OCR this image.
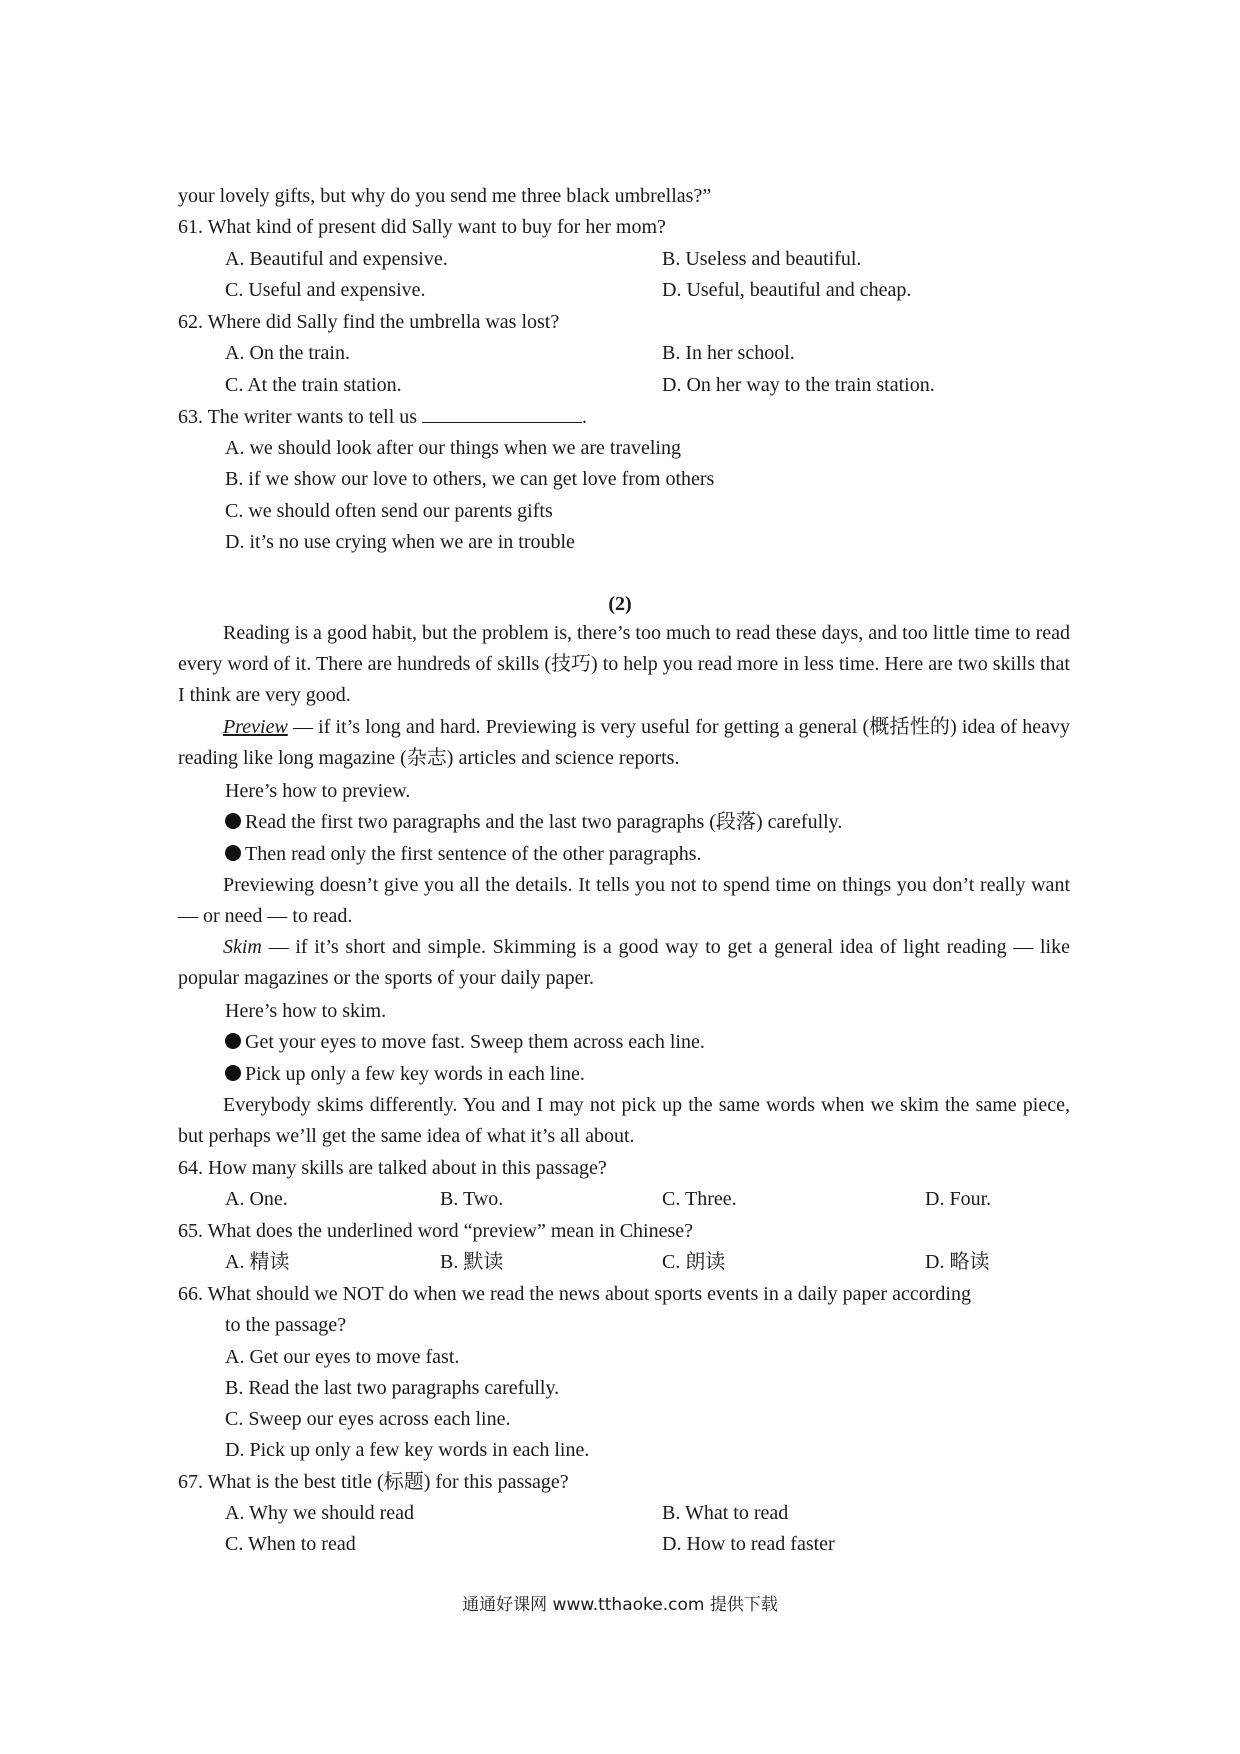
your lovely gifts, but why do you send me three black umbrellas?”
61. What kind of present did Sally want to buy for her mom?
A. Beautiful and expensive.	B. Useless and beautiful.
C. Useful and expensive.	D. Useful, beautiful and cheap.
62. Where did Sally find the umbrella was lost?
A. On the train.	B. In her school.
C. At the train station.	D. On her way to the train station.
63. The writer wants to tell us	.
A. we should look after our things when we are traveling
B. if we show our love to others, we can get love from others
C. we should often send our parents gifts
D. it’s no use crying when we are in trouble
(2)
Reading is a good habit, but the problem is, there’s too much to read these days, and too little time to read every word of it. There are hundreds of skills (技巧) to help you read more in less time. Here are two skills that I think are very good.
Preview — if it’s long and hard. Previewing is very useful for getting a general (概括性的) idea of heavy reading like long magazine (杂志) articles and science reports.
Here’s how to preview.
Read the first two paragraphs and the last two paragraphs (段落) carefully.
Then read only the first sentence of the other paragraphs.
Previewing doesn’t give you all the details. It tells you not to spend time on things you don’t really want — or need — to read.
Skim — if it’s short and simple. Skimming is a good way to get a general idea of light reading — like popular magazines or the sports of your daily paper.
Here’s how to skim.
Get your eyes to move fast. Sweep them across each line.
Pick up only a few key words in each line.
Everybody skims differently. You and I may not pick up the same words when we skim the same piece, but perhaps we’ll get the same idea of what it’s all about.
64. How many skills are talked about in this passage?
A. One.	B. Two.	C. Three.	D. Four.
65. What does the underlined word “preview” mean in Chinese?
A. 精读	B. 默读	C. 朗读	D. 略读
66. What should we NOT do when we read the news about sports events in a daily paper according
to the passage?
A. Get our eyes to move fast.
B. Read the last two paragraphs carefully.
C. Sweep our eyes across each line.
D. Pick up only a few key words in each line.
67. What is the best title (标题) for this passage?
A. Why we should read	B. What to read
C. When to read	D. How to read faster
通通好课网 www.tthaoke.com 提供下载
